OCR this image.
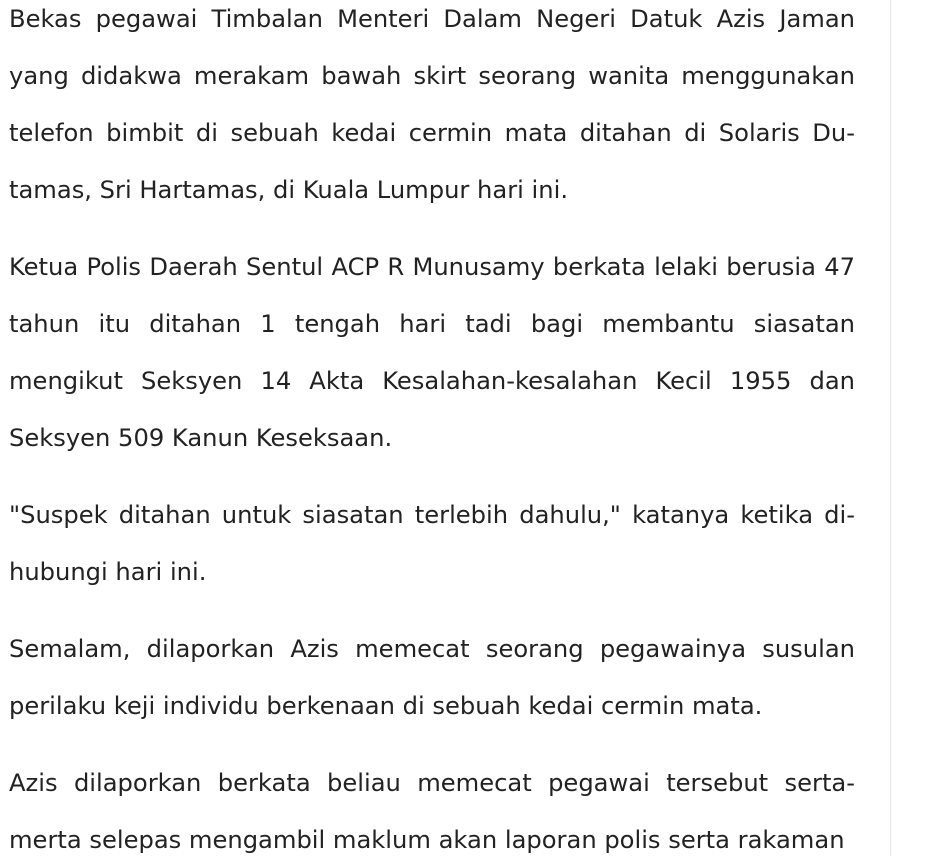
Bekas pegawai Timbalan Menteri Dalam Negeri Datuk Azis Jaman yang didakwa merakam bawah skirt seorang wanita menggunakan telefon bimbit di sebuah kedai cermin mata ditahan di Solaris Dutamas, Sri Hartamas, di Kuala Lumpur hari ini.

Ketua Polis Daerah Sentul ACP R Munusamy berkata lelaki berusia 47 tahun itu ditahan 1 tengah hari tadi bagi membantu siasatan mengikut Seksyen 14 Akta Kesalahan-kesalahan Kecil 1955 dan Seksyen 509 Kanun Keseksaan.

"Suspek ditahan untuk siasatan terlebih dahulu," katanya ketika dihubungi hari ini.

Semalam, dilaporkan Azis memecat seorang pegawainya susulan perilaku keji individu berkenaan di sebuah kedai cermin mata.

Azis dilaporkan berkata beliau memecat pegawai tersebut sertamerta selepas mengambil maklum akan laporan polis serta rakaman
